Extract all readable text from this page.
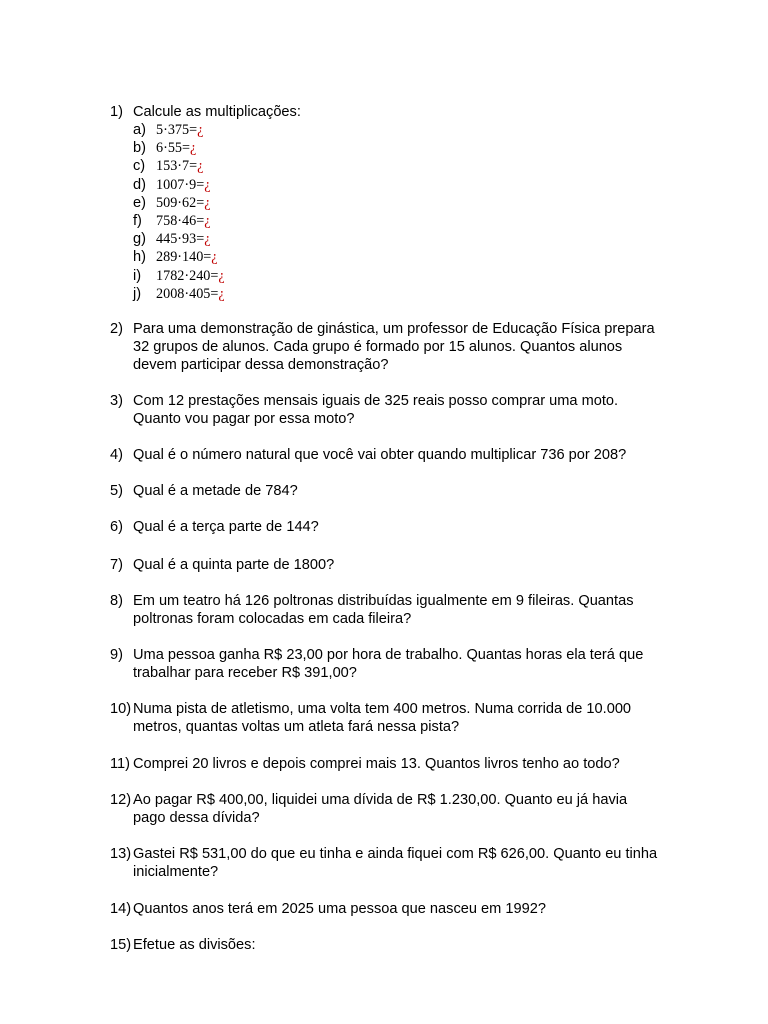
1) Calcule as multiplicações:
a) 5·375=¿
b) 6·55=¿
c) 153·7=¿
d) 1007·9=¿
e) 509·62=¿
f) 758·46=¿
g) 445·93=¿
h) 289·140=¿
i) 1782·240=¿
j) 2008·405=¿
2) Para uma demonstração de ginástica, um professor de Educação Física prepara
32 grupos de alunos. Cada grupo é formado por 15 alunos. Quantos alunos
devem participar dessa demonstração?
3) Com 12 prestações mensais iguais de 325 reais posso comprar uma moto.
Quanto vou pagar por essa moto?
4) Qual é o número natural que você vai obter quando multiplicar 736 por 208?
5) Qual é a metade de 784?
6) Qual é a terça parte de 144?
7) Qual é a quinta parte de 1800?
8) Em um teatro há 126 poltronas distribuídas igualmente em 9 fileiras. Quantas
poltronas foram colocadas em cada fileira?
9) Uma pessoa ganha R$ 23,00 por hora de trabalho. Quantas horas ela terá que
trabalhar para receber R$ 391,00?
10) Numa pista de atletismo, uma volta tem 400 metros. Numa corrida de 10.000
metros, quantas voltas um atleta fará nessa pista?
11) Comprei 20 livros e depois comprei mais 13. Quantos livros tenho ao todo?
12) Ao pagar R$ 400,00, liquidei uma dívida de R$ 1.230,00. Quanto eu já havia
pago dessa dívida?
13) Gastei R$ 531,00 do que eu tinha e ainda fiquei com R$ 626,00. Quanto eu tinha
inicialmente?
14) Quantos anos terá em 2025 uma pessoa que nasceu em 1992?
15) Efetue as divisões:
